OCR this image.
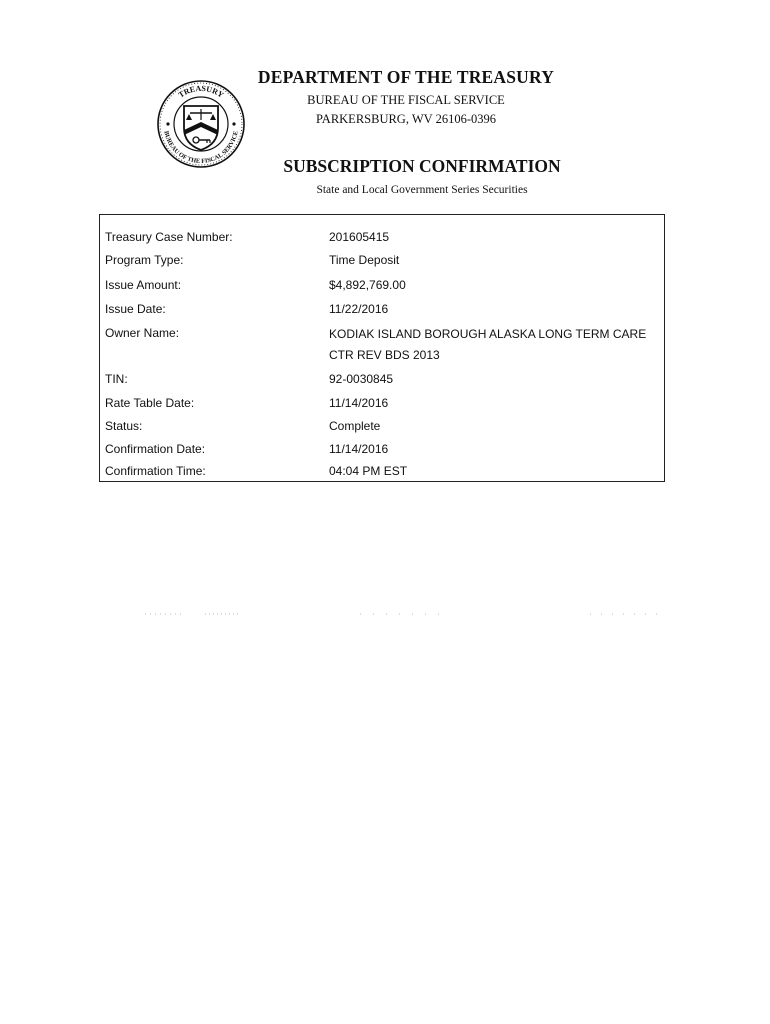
TREASURY
BUREAU OF THE FISCAL SERVICE

DEPARTMENT OF THE TREASURY

BUREAU OF THE FISCAL SERVICE

PARKERSBURG, WV 26106-0396

SUBSCRIPTION CONFIRMATION

State and Local Government Series Securities

Treasury Case Number:	201605415
Program Type:	Time Deposit
Issue Amount:	$4,892,769.00
Issue Date:	11/22/2016
Owner Name:	KODIAK ISLAND BOROUGH ALASKA LONG TERM CARE CTR REV BDS 2013
TIN:	92-0030845
Rate Table Date:	11/14/2016
Status:	Complete
Confirmation Date:	11/14/2016
Confirmation Time:	04:04 PM EST
